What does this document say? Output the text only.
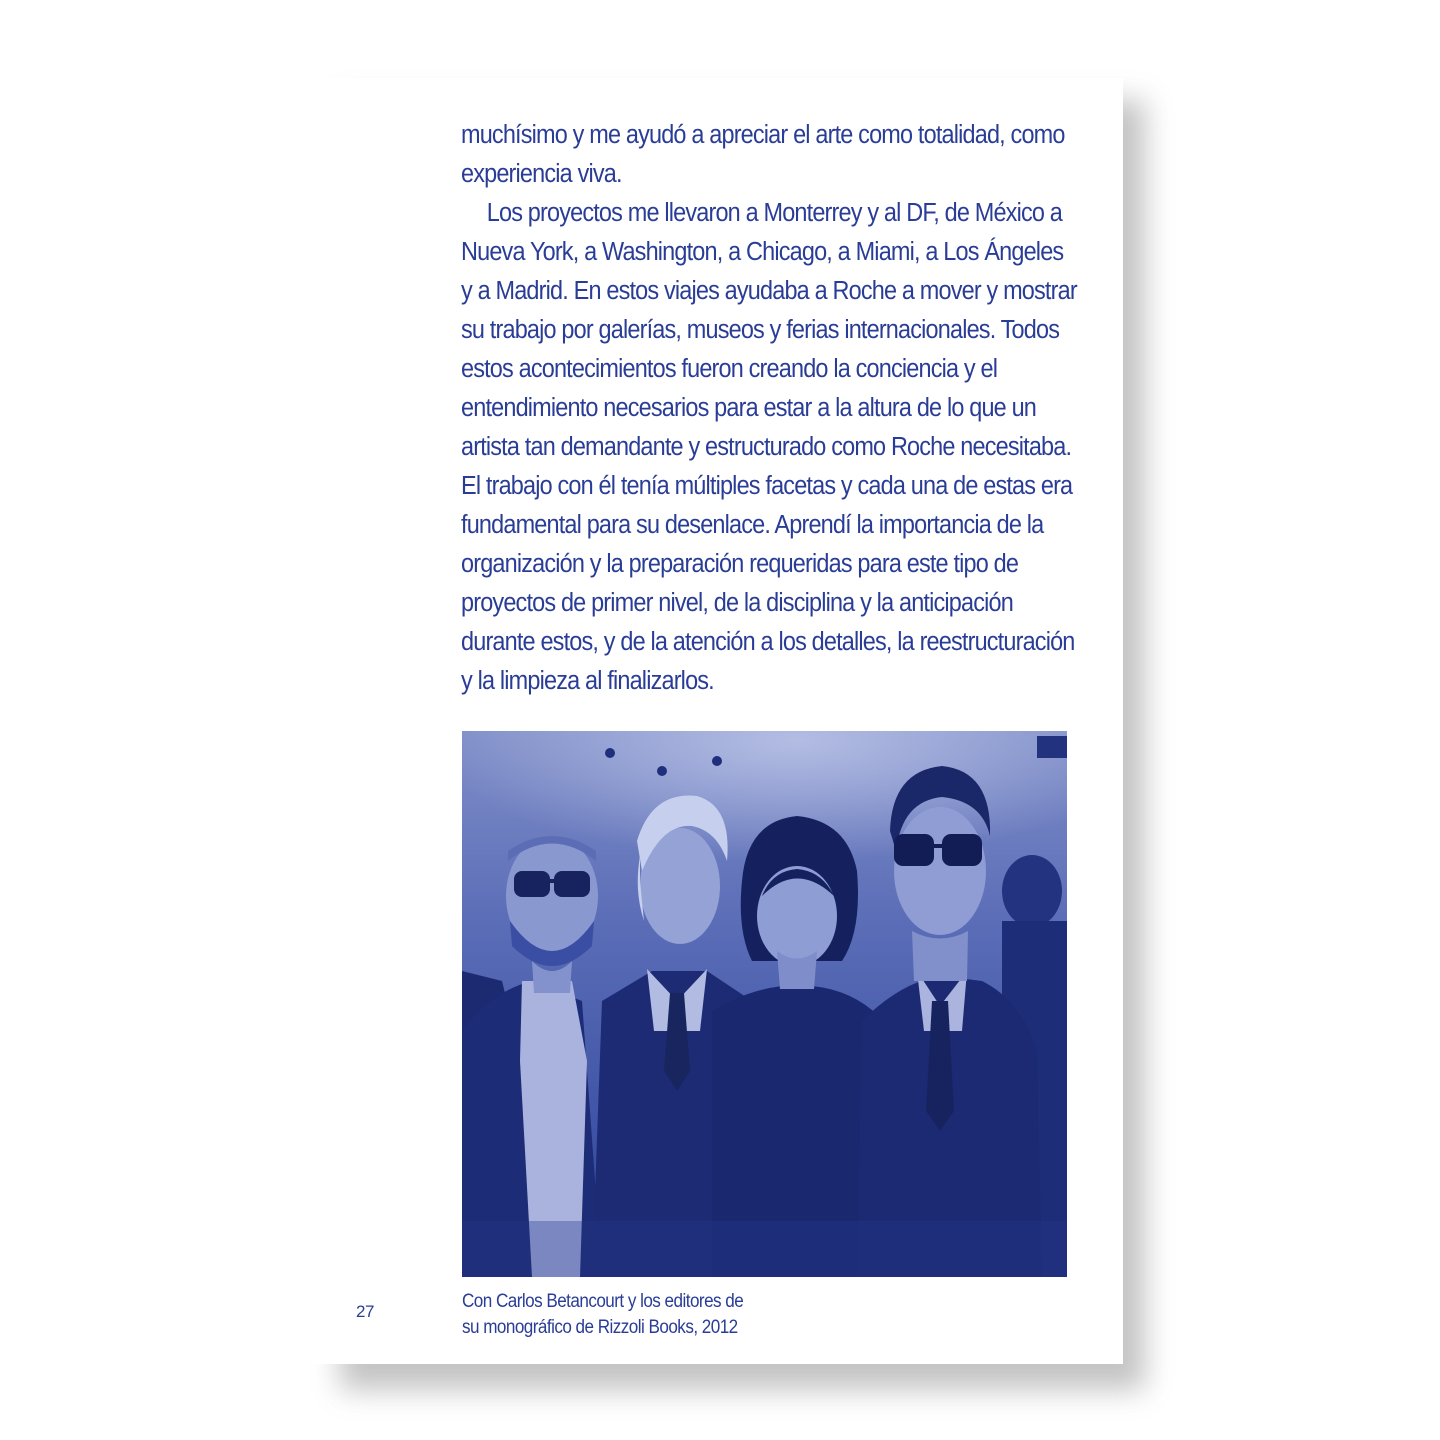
muchísimo y me ayudó a apreciar el arte como totalidad, como
experiencia viva.

Los proyectos me llevaron a Monterrey y al DF, de México a
Nueva York, a Washington, a Chicago, a Miami, a Los Ángeles
y a Madrid. En estos viajes ayudaba a Roche a mover y mostrar
su trabajo por galerías, museos y ferias internacionales. Todos
estos acontecimientos fueron creando la conciencia y el
entendimiento necesarios para estar a la altura de lo que un
artista tan demandante y estructurado como Roche necesitaba.
El trabajo con él tenía múltiples facetas y cada una de estas era
fundamental para su desenlace. Aprendí la importancia de la
organización y la preparación requeridas para este tipo de
proyectos de primer nivel, de la disciplina y la anticipación
durante estos, y de la atención a los detalles, la reestructuración
y la limpieza al finalizarlos.

Con Carlos Betancourt y los editores de
su monográfico de Rizzoli Books, 2012
27
